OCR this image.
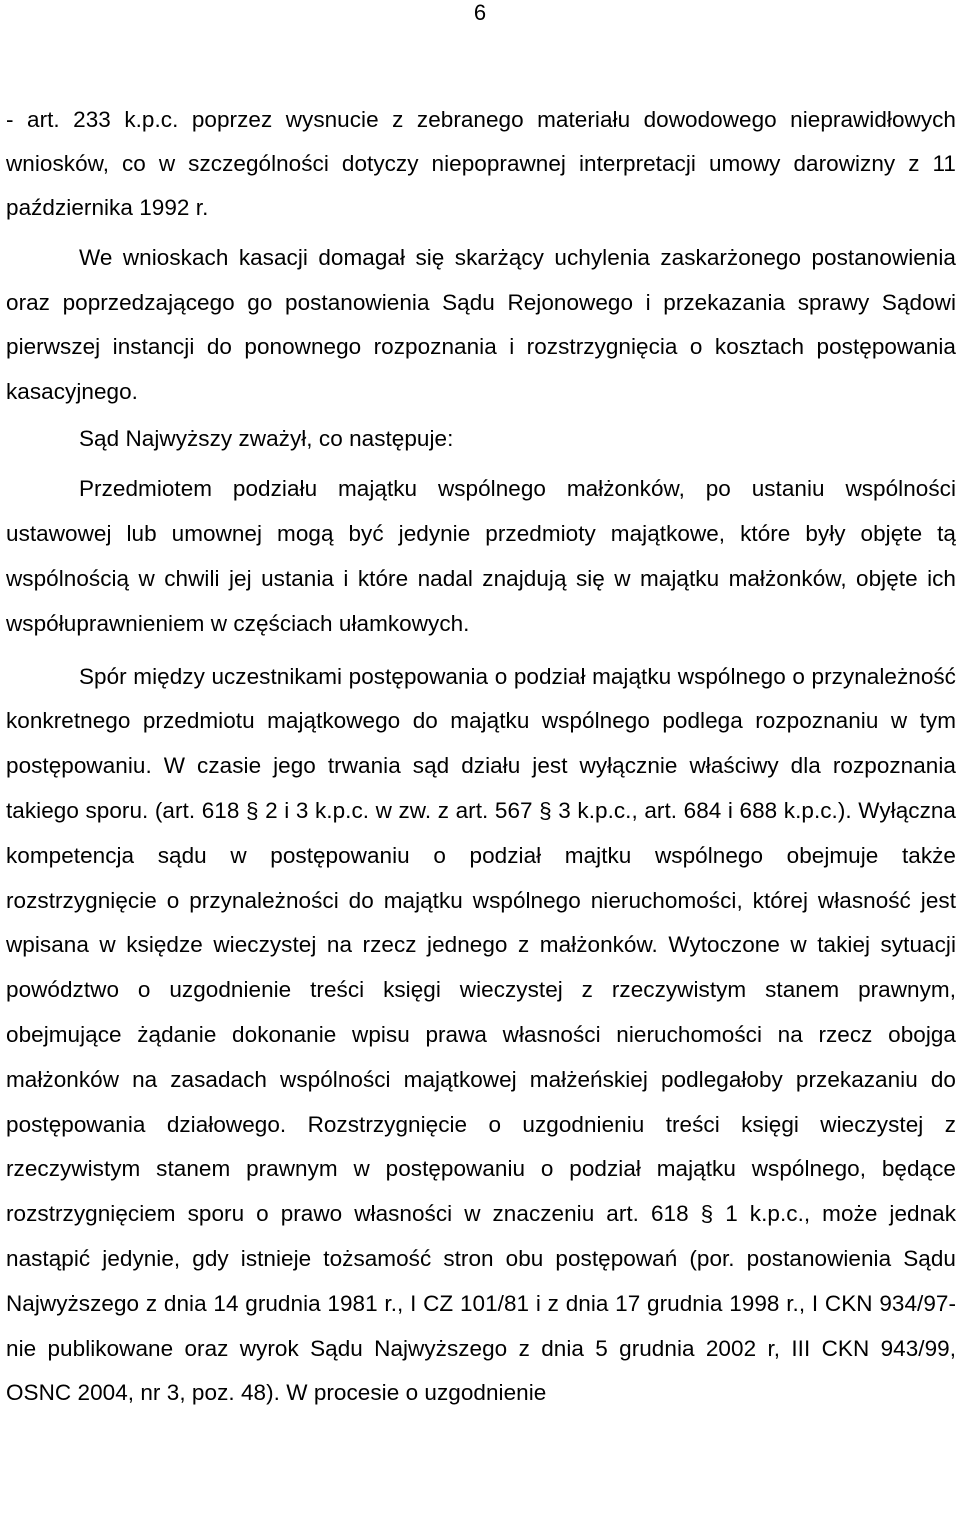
6

- art. 233 k.p.c. poprzez wysnucie z zebranego materiału dowodowego nieprawidłowych wniosków, co w szczególności dotyczy niepoprawnej interpretacji umowy darowizny z 11 października 1992 r.

We wnioskach kasacji domagał się skarżący uchylenia zaskarżonego postanowienia oraz poprzedzającego go postanowienia Sądu Rejonowego i przekazania sprawy Sądowi pierwszej instancji do ponownego rozpoznania i rozstrzygnięcia o kosztach postępowania kasacyjnego.

Sąd Najwyższy zważył, co następuje:

Przedmiotem podziału majątku wspólnego małżonków, po ustaniu wspólności ustawowej lub umownej mogą być jedynie przedmioty majątkowe, które były objęte tą wspólnością w chwili jej ustania i które nadal znajdują się w majątku małżonków, objęte ich współuprawnieniem w częściach ułamkowych.

Spór między uczestnikami postępowania o podział majątku wspólnego o przynależność konkretnego przedmiotu majątkowego do majątku wspólnego podlega rozpoznaniu w tym postępowaniu. W czasie jego trwania sąd działu jest wyłącznie właściwy dla rozpoznania takiego sporu. (art. 618 § 2 i 3 k.p.c. w zw. z art. 567 § 3 k.p.c., art. 684 i 688 k.p.c.). Wyłączna kompetencja sądu w postępowaniu o podział majtku wspólnego obejmuje także rozstrzygnięcie o przynależności do majątku wspólnego nieruchomości, której własność jest wpisana w księdze wieczystej na rzecz jednego z małżonków. Wytoczone w takiej sytuacji powództwo o uzgodnienie treści księgi wieczystej z rzeczywistym stanem prawnym, obejmujące żądanie dokonanie wpisu prawa własności nieruchomości na rzecz obojga małżonków na zasadach wspólności majątkowej małżeńskiej podlegałoby przekazaniu do postępowania działowego. Rozstrzygnięcie o uzgodnieniu treści księgi wieczystej z rzeczywistym stanem prawnym w postępowaniu o podział majątku wspólnego, będące rozstrzygnięciem sporu o prawo własności w znaczeniu art. 618 § 1 k.p.c., może jednak nastąpić jedynie, gdy istnieje tożsamość stron obu postępowań (por. postanowienia Sądu Najwyższego z dnia 14 grudnia 1981 r., I CZ 101/81 i z dnia 17 grudnia 1998 r., I CKN 934/97- nie publikowane oraz wyrok Sądu Najwyższego z dnia 5 grudnia 2002 r, III CKN 943/99, OSNC 2004, nr 3, poz. 48). W procesie o uzgodnienie
